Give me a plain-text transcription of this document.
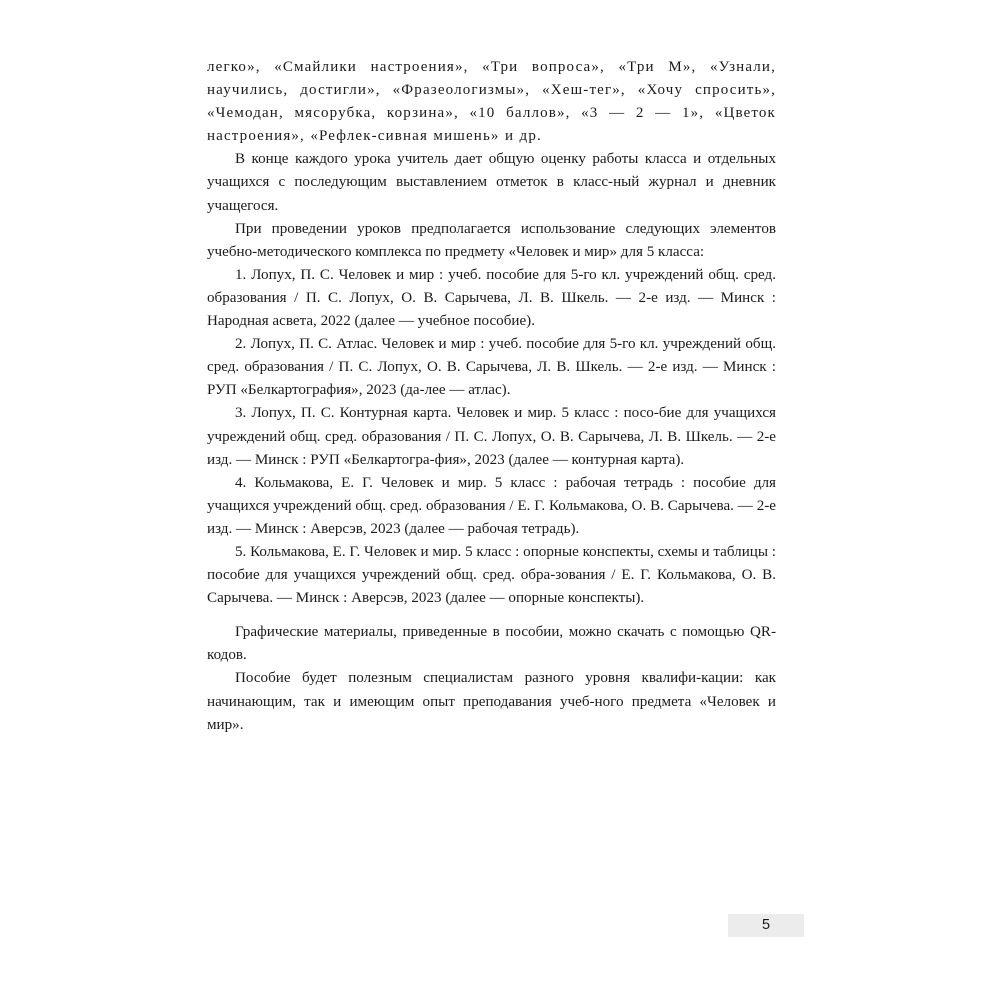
легко», «Смайлики настроения», «Три вопроса», «Три М», «Узнали, научились, достигли», «Фразеологизмы», «Хеш-тег», «Хочу спросить», «Чемодан, мясорубка, корзина», «10 баллов», «3 — 2 — 1», «Цветок настроения», «Рефлек-сивная мишень» и др.

В конце каждого урока учитель дает общую оценку работы класса и отдельных учащихся с последующим выставлением отметок в класс-ный журнал и дневник учащегося.

При проведении уроков предполагается использование следующих элементов учебно-методического комплекса по предмету «Человек и мир» для 5 класса:

1. Лопух, П. С. Человек и мир : учеб. пособие для 5-го кл. учреждений общ. сред. образования / П. С. Лопух, О. В. Сарычева, Л. В. Шкель. — 2-е изд. — Минск : Народная асвета, 2022 (далее — учебное пособие).

2. Лопух, П. С. Атлас. Человек и мир : учеб. пособие для 5-го кл. учреждений общ. сред. образования / П. С. Лопух, О. В. Сарычева, Л. В. Шкель. — 2-е изд. — Минск : РУП «Белкартография», 2023 (да-лее — атлас).

3. Лопух, П. С. Контурная карта. Человек и мир. 5 класс : посо-бие для учащихся учреждений общ. сред. образования / П. С. Лопух, О. В. Сарычева, Л. В. Шкель. — 2-е изд. — Минск : РУП «Белкартогра-фия», 2023 (далее — контурная карта).

4. Кольмакова, Е. Г. Человек и мир. 5 класс : рабочая тетрадь : пособие для учащихся учреждений общ. сред. образования / Е. Г. Кольмакова, О. В. Сарычева. — 2-е изд. — Минск : Аверсэв, 2023 (далее — рабочая тетрадь).

5. Кольмакова, Е. Г. Человек и мир. 5 класс : опорные конспекты, схемы и таблицы : пособие для учащихся учреждений общ. сред. обра-зования / Е. Г. Кольмакова, О. В. Сарычева. — Минск : Аверсэв, 2023 (далее — опорные конспекты).

Графические материалы, приведенные в пособии, можно скачать с помощью QR-кодов.

Пособие будет полезным специалистам разного уровня квалифи-кации: как начинающим, так и имеющим опыт преподавания учеб-ного предмета «Человек и мир».

5
